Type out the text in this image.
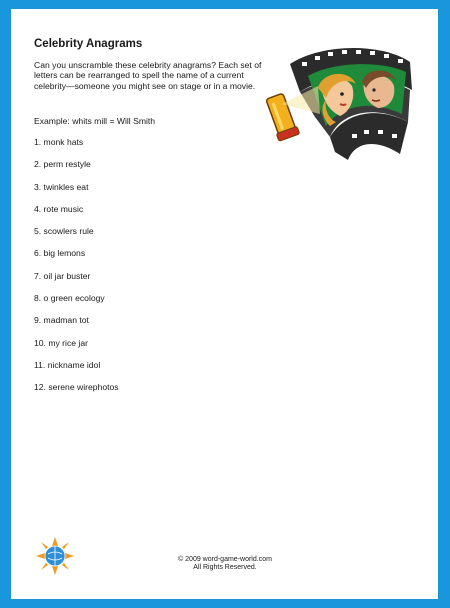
Celebrity Anagrams
Can you unscramble these celebrity anagrams? Each set of letters can be rearranged to spell the name of a current celebrity—someone you might see on stage or in a movie.
Example: whits mill = Will Smith
1. monk hats
2. perm restyle
3. twinkles eat
4. rote music
5. scowlers rule
6. big lemons
7. oil jar buster
8. o green ecology
9. madman tot
10. my rice jar
11. nickname idol
12. serene wirephotos
© 2009 word-game-world.com
All Rights Reserved.
